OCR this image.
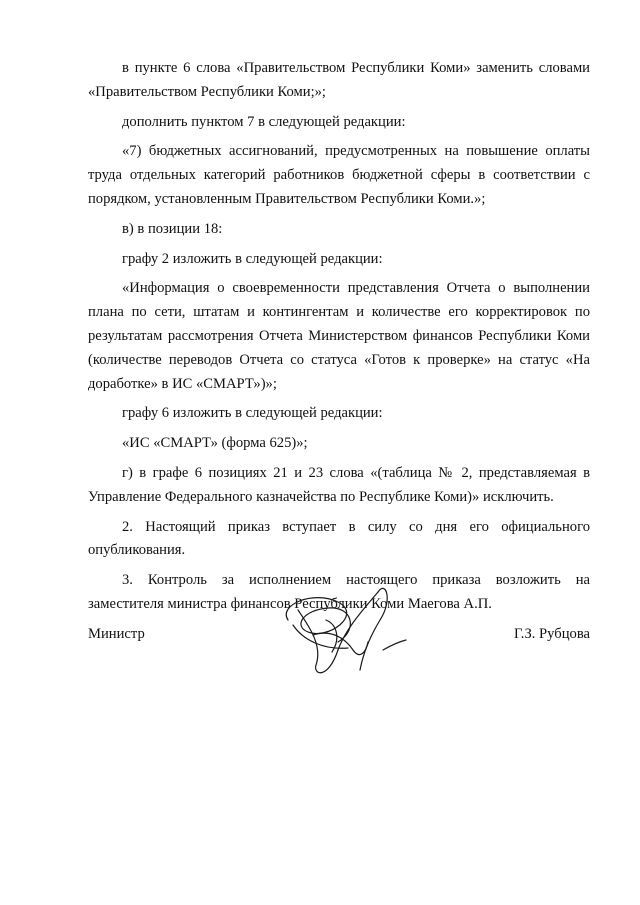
в пункте 6 слова «Правительством Республики Коми» заменить словами «Правительством Республики Коми;»;

дополнить пунктом 7 в следующей редакции:

«7) бюджетных ассигнований, предусмотренных на повышение оплаты труда отдельных категорий работников бюджетной сферы в соответствии с порядком, установленным Правительством Республики Коми.»;

в) в позиции 18:

графу 2 изложить в следующей редакции:

«Информация о своевременности представления Отчета о выполнении плана по сети, штатам и контингентам и количестве его корректировок по результатам рассмотрения Отчета Министерством финансов Республики Коми (количестве переводов Отчета со статуса «Готов к проверке» на статус «На доработке» в ИС «СМАРТ»)»;

графу 6 изложить в следующей редакции:

«ИС «СМАРТ» (форма 625)»;

г) в графе 6 позициях 21 и 23 слова «(таблица № 2, представляемая в Управление Федерального казначейства по Республике Коми)» исключить.

2. Настоящий приказ вступает в силу со дня его официального опубликования.

3. Контроль за исполнением настоящего приказа возложить на заместителя министра финансов Республики Коми Маегова А.П.

Министр	Г.З. Рубцова
